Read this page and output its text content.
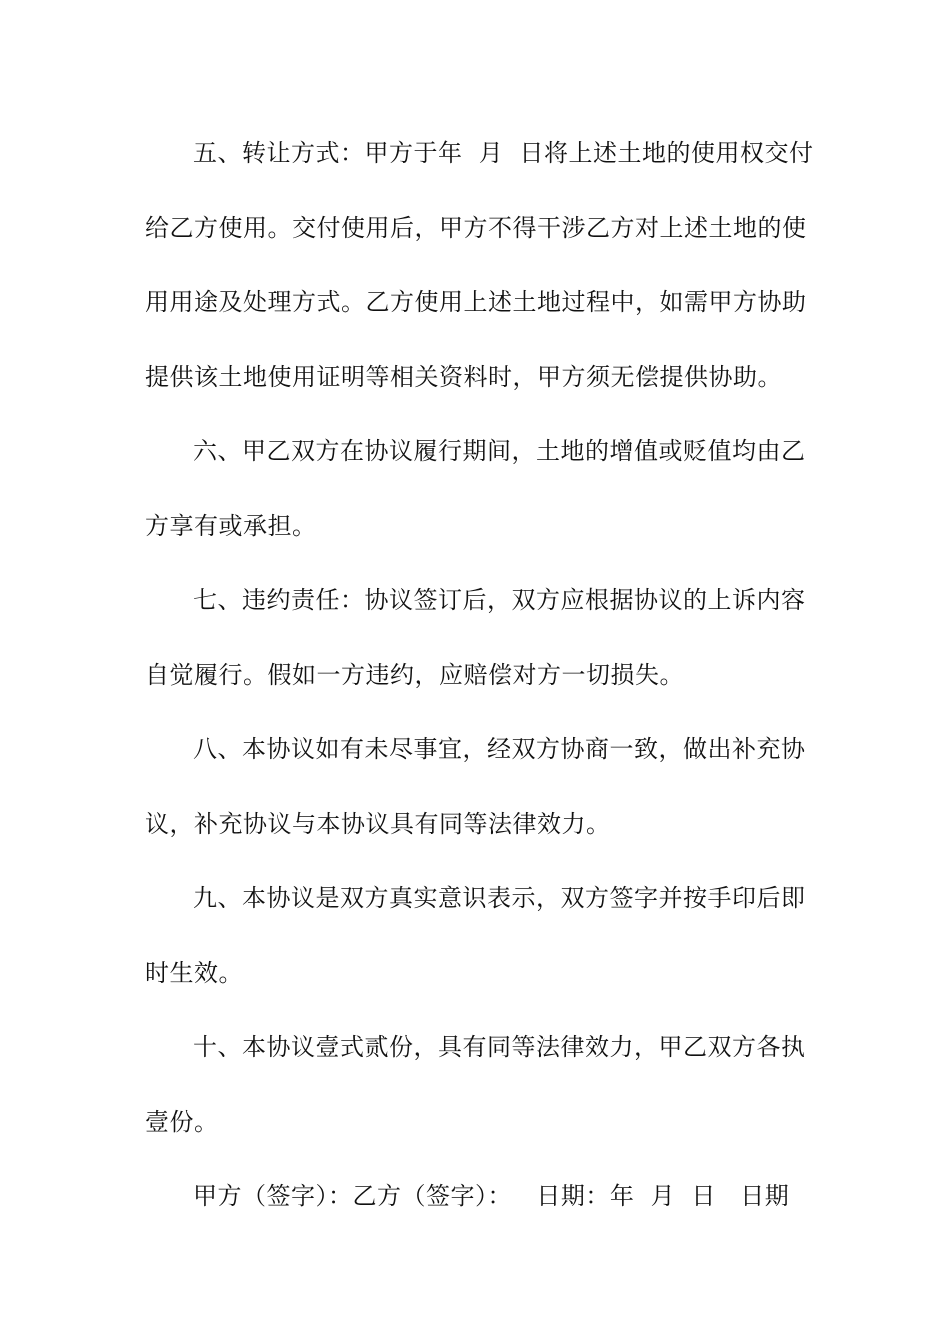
五、转让方式：甲方于年  月  日将上述土地的使用权交付
给乙方使用。交付使用后，甲方不得干涉乙方对上述土地的使
用用途及处理方式。乙方使用上述土地过程中，如需甲方协助
提供该土地使用证明等相关资料时，甲方须无偿提供协助。
六、甲乙双方在协议履行期间，土地的增值或贬值均由乙
方享有或承担。
七、违约责任：协议签订后，双方应根据协议的上诉内容
自觉履行。假如一方违约，应赔偿对方一切损失。
八、本协议如有未尽事宜，经双方协商一致，做出补充协
议，补充协议与本协议具有同等法律效力。
九、本协议是双方真实意识表示，双方签字并按手印后即
时生效。
十、本协议壹式贰份，具有同等法律效力，甲乙双方各执
壹份。
甲方（签字）：乙方（签字）：   日期：年  月  日   日期
